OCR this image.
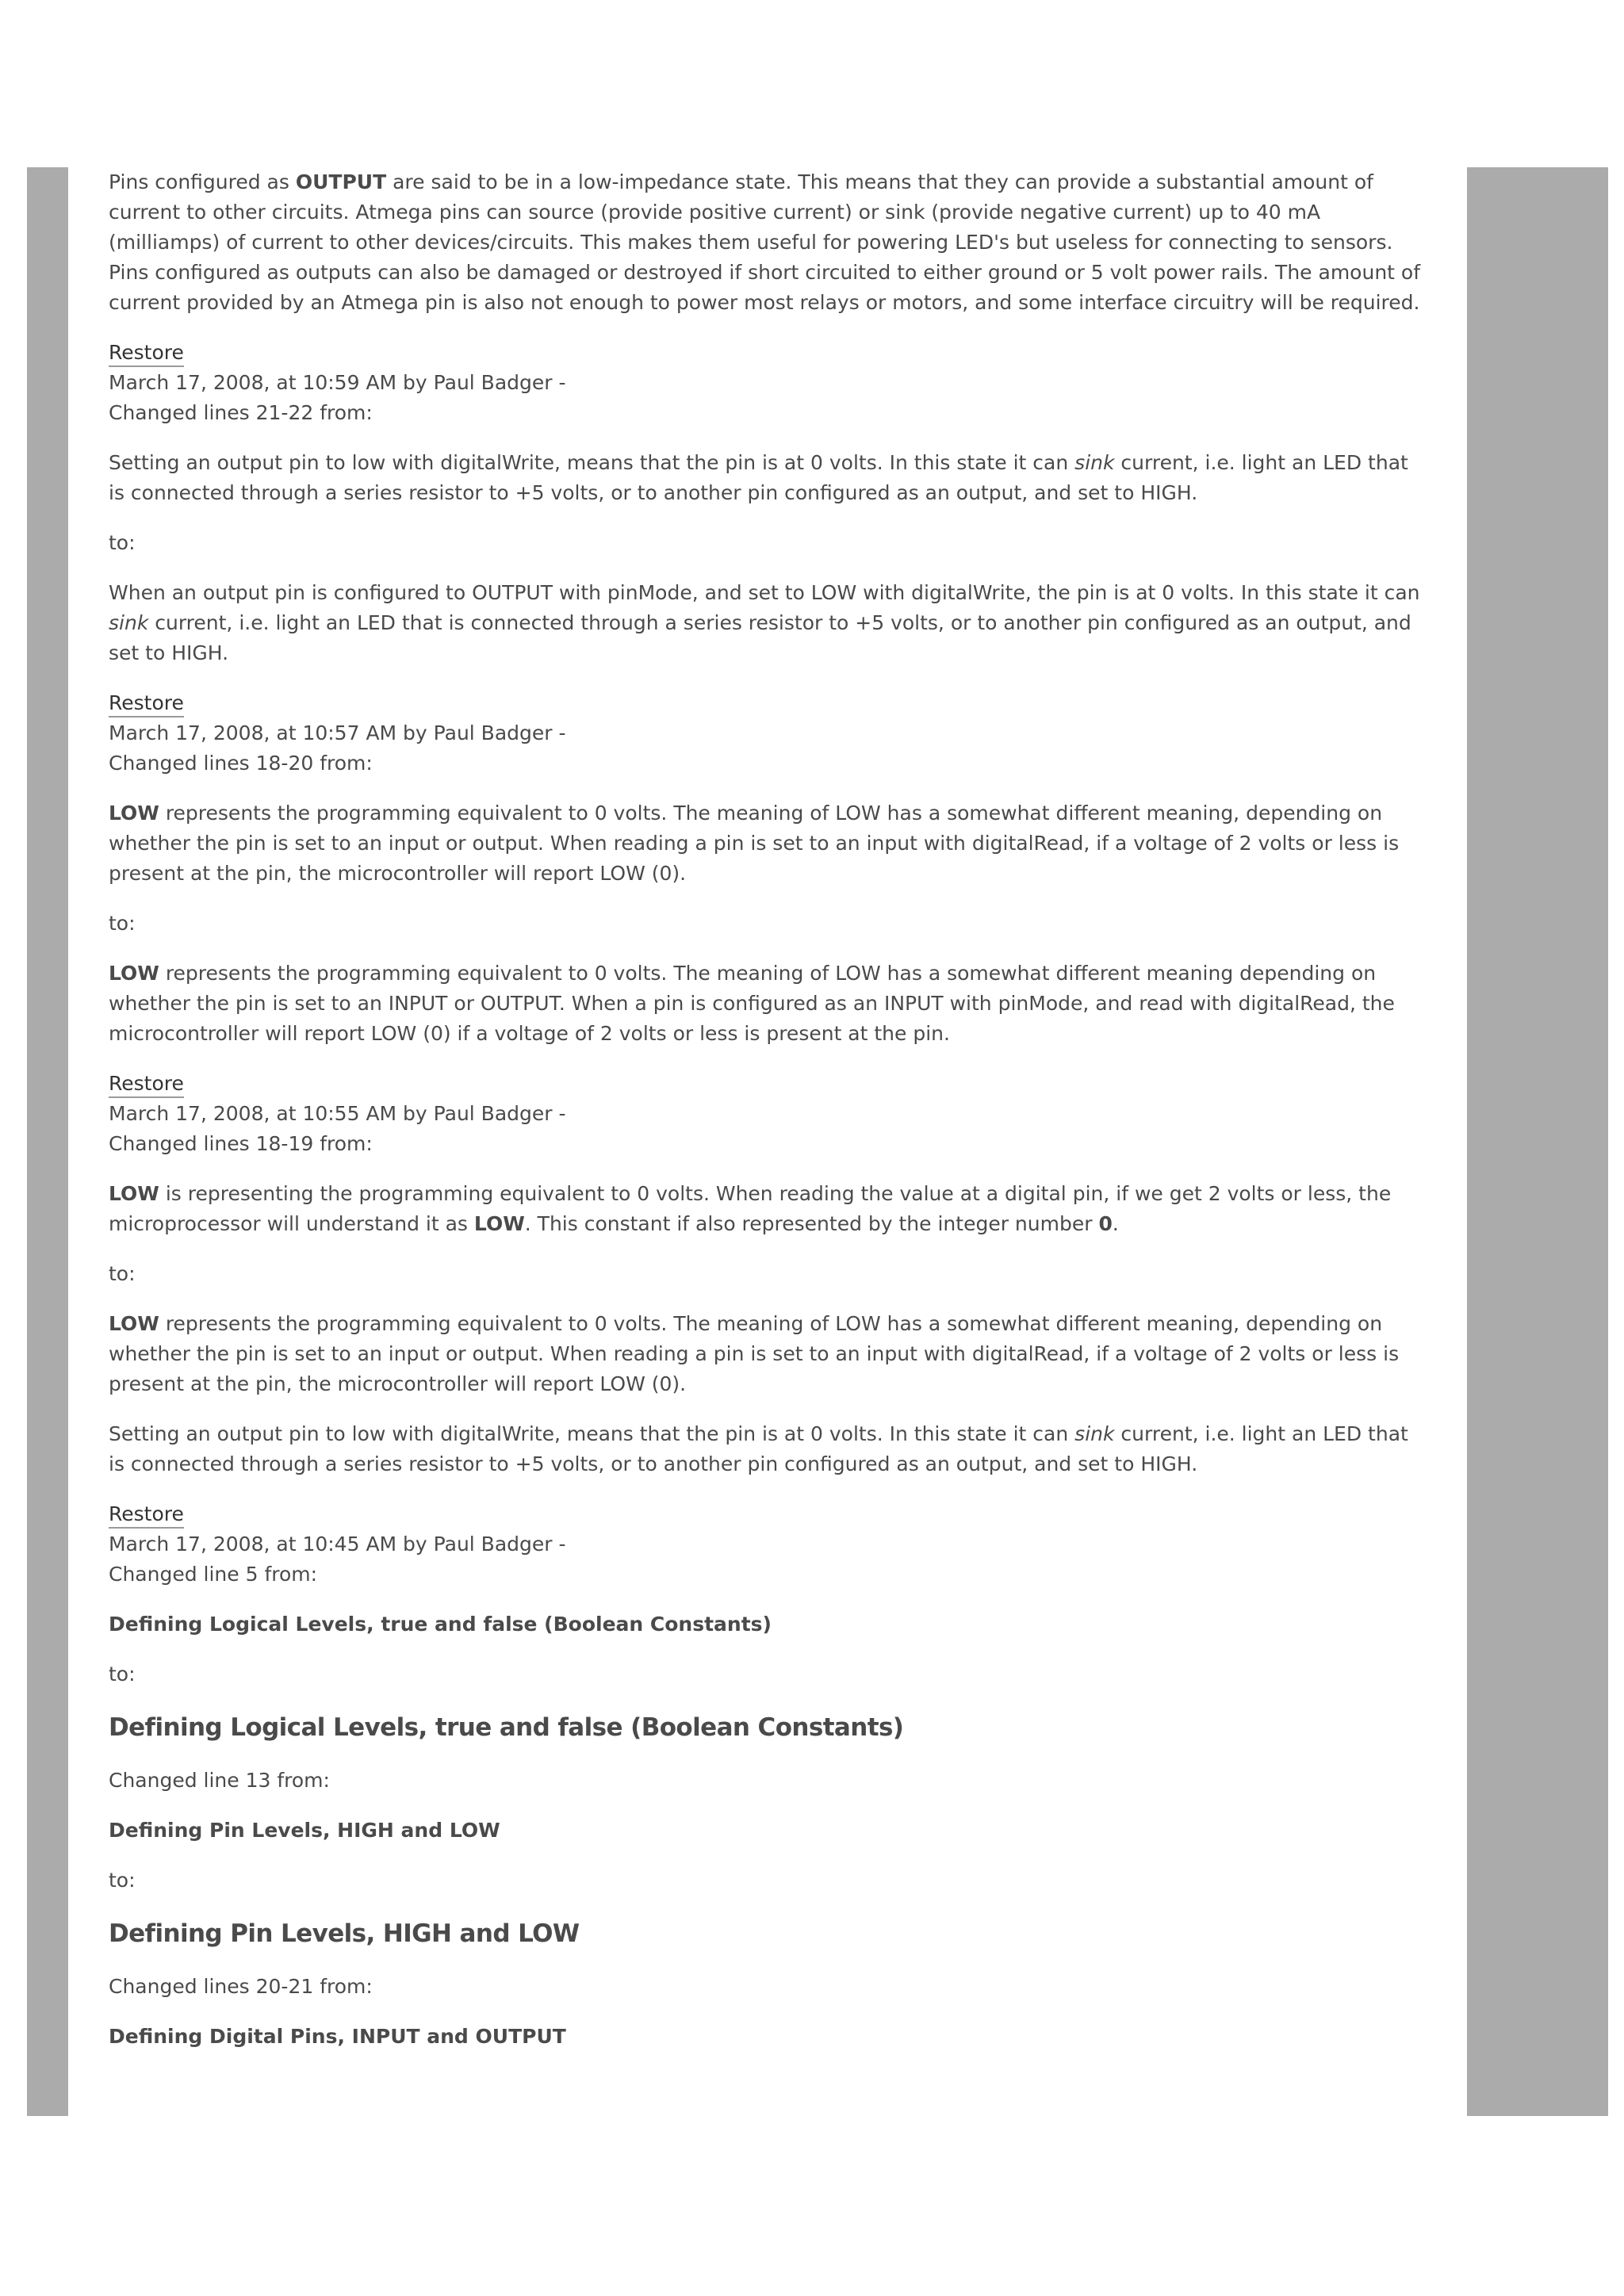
Pins configured as OUTPUT are said to be in a low-impedance state. This means that they can provide a substantial amount of current to other circuits. Atmega pins can source (provide positive current) or sink (provide negative current) up to 40 mA (milliamps) of current to other devices/circuits. This makes them useful for powering LED's but useless for connecting to sensors. Pins configured as outputs can also be damaged or destroyed if short circuited to either ground or 5 volt power rails. The amount of current provided by an Atmega pin is also not enough to power most relays or motors, and some interface circuitry will be required.

Restore
March 17, 2008, at 10:59 AM by Paul Badger -
Changed lines 21-22 from:

Setting an output pin to low with digitalWrite, means that the pin is at 0 volts. In this state it can sink current, i.e. light an LED that is connected through a series resistor to +5 volts, or to another pin configured as an output, and set to HIGH.

to:

When an output pin is configured to OUTPUT with pinMode, and set to LOW with digitalWrite, the pin is at 0 volts. In this state it can sink current, i.e. light an LED that is connected through a series resistor to +5 volts, or to another pin configured as an output, and set to HIGH.

Restore
March 17, 2008, at 10:57 AM by Paul Badger -
Changed lines 18-20 from:

LOW represents the programming equivalent to 0 volts. The meaning of LOW has a somewhat different meaning, depending on whether the pin is set to an input or output. When reading a pin is set to an input with digitalRead, if a voltage of 2 volts or less is present at the pin, the microcontroller will report LOW (0).

to:

LOW represents the programming equivalent to 0 volts. The meaning of LOW has a somewhat different meaning depending on whether the pin is set to an INPUT or OUTPUT. When a pin is configured as an INPUT with pinMode, and read with digitalRead, the microcontroller will report LOW (0) if a voltage of 2 volts or less is present at the pin.

Restore
March 17, 2008, at 10:55 AM by Paul Badger -
Changed lines 18-19 from:

LOW is representing the programming equivalent to 0 volts. When reading the value at a digital pin, if we get 2 volts or less, the microprocessor will understand it as LOW. This constant if also represented by the integer number 0.

to:

LOW represents the programming equivalent to 0 volts. The meaning of LOW has a somewhat different meaning, depending on whether the pin is set to an input or output. When reading a pin is set to an input with digitalRead, if a voltage of 2 volts or less is present at the pin, the microcontroller will report LOW (0).

Setting an output pin to low with digitalWrite, means that the pin is at 0 volts. In this state it can sink current, i.e. light an LED that is connected through a series resistor to +5 volts, or to another pin configured as an output, and set to HIGH.

Restore
March 17, 2008, at 10:45 AM by Paul Badger -
Changed line 5 from:
Defining Logical Levels, true and false (Boolean Constants)

to:

Defining Logical Levels, true and false (Boolean Constants)

Changed line 13 from:

Defining Pin Levels, HIGH and LOW

to:

Defining Pin Levels, HIGH and LOW

Changed lines 20-21 from:

Defining Digital Pins, INPUT and OUTPUT
